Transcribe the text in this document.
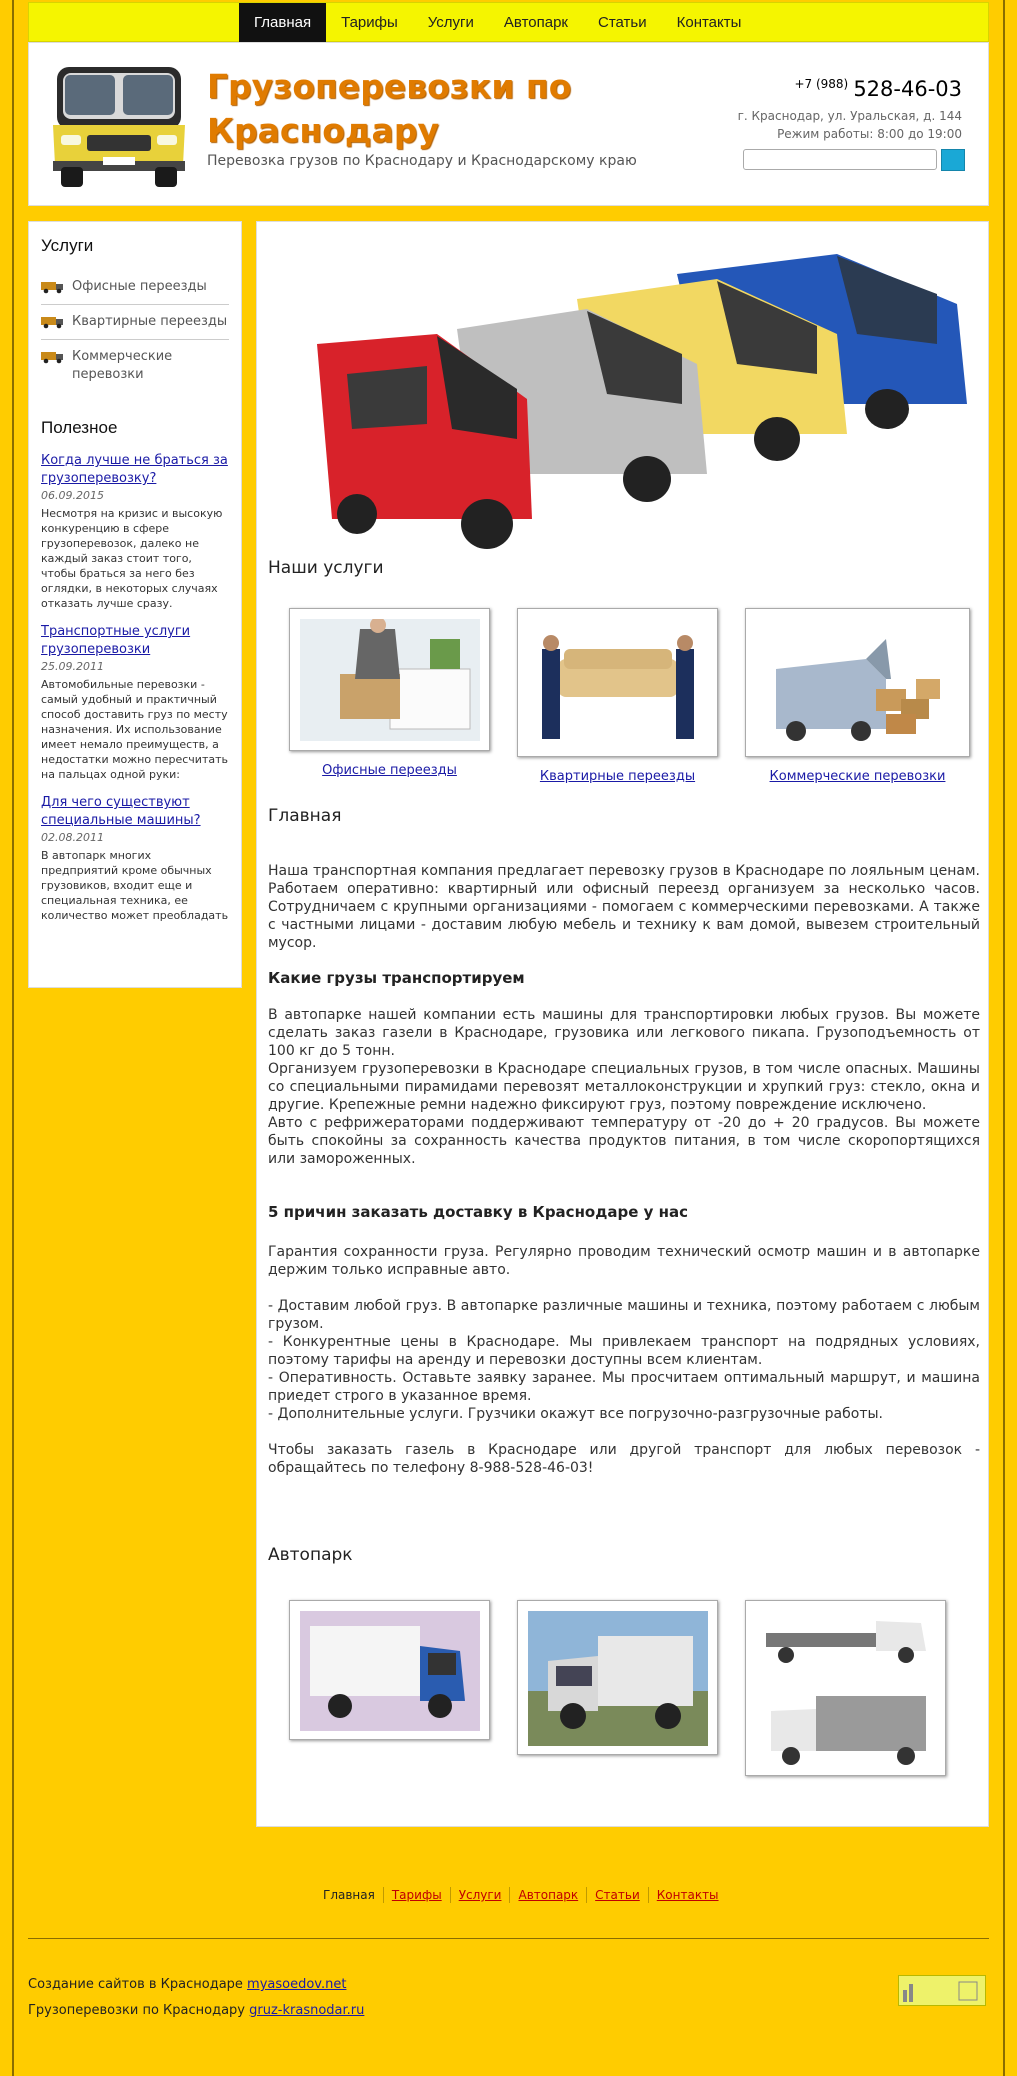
Главная	Тарифы	Услуги	Автопарк	Статьи	Контакты
Грузоперевозки по Краснодару
Перевозка грузов по Краснодару и Краснодарскому краю
$^{+7 (988)}$ 528-46-03
г. Краснодар, ул. Уральская, д. 144
Режим работы: 8:00 до 19:00
Услуги
Офисные переезды
Квартирные переезды
Коммерческие перевозки
Полезное
Когда лучше не браться за грузоперевозку?
06.09.2015
Несмотря на кризис и высокую конкуренцию в сфере грузоперевозок, далеко не каждый заказ стоит того, чтобы браться за него без оглядки, в некоторых случаях отказать лучше сразу.
Транспортные услуги грузоперевозки
25.09.2011
Автомобильные перевозки - самый удобный и практичный способ доставить груз по месту назначения. Их использование имеет немало преимуществ, а недостатки можно пересчитать на пальцах одной руки:
Для чего существуют специальные машины?
02.08.2011
В автопарк многих предприятий кроме обычных грузовиков, входит еще и специальная техника, ее количество может преобладать
Наши услуги
Офисные переезды	Квартирные переезды	Коммерческие перевозки
Главная
Наша транспортная компания предлагает перевозку грузов в Краснодаре по лояльным ценам. Работаем оперативно: квартирный или офисный переезд организуем за несколько часов. Сотрудничаем с крупными организациями - помогаем с коммерческими перевозками. А также с частными лицами - доставим любую мебель и технику к вам домой, вывезем строительный мусор.
Какие грузы транспортируем
В автопарке нашей компании есть машины для транспортировки любых грузов. Вы можете сделать заказ газели в Краснодаре, грузовика или легкового пикапа. Грузоподъемность от 100 кг до 5 тонн.
Организуем грузоперевозки в Краснодаре специальных грузов, в том числе опасных. Машины со специальными пирамидами перевозят металлоконструкции и хрупкий груз: стекло, окна и другие. Крепежные ремни надежно фиксируют груз, поэтому повреждение исключено.
Авто с рефрижераторами поддерживают температуру от -20 до + 20 градусов. Вы можете быть спокойны за сохранность качества продуктов питания, в том числе скоропортящихся или замороженных.
5 причин заказать доставку в Краснодаре у нас
Гарантия сохранности груза. Регулярно проводим технический осмотр машин и в автопарке держим только исправные авто.
- Доставим любой груз. В автопарке различные машины и техника, поэтому работаем с любым грузом.
- Конкурентные цены в Краснодаре. Мы привлекаем транспорт на подрядных условиях, поэтому тарифы на аренду и перевозки доступны всем клиентам.
- Оперативность. Оставьте заявку заранее. Мы просчитаем оптимальный маршрут, и машина приедет строго в указанное время.
- Дополнительные услуги. Грузчики окажут все погрузочно-разгрузочные работы.
Чтобы заказать газель в Краснодаре или другой транспорт для любых перевозок - обращайтесь по телефону 8-988-528-46-03!
Автопарк
Главная	Тарифы	Услуги	Автопарк	Статьи	Контакты
Создание сайтов в Краснодаре myasoedov.net
Грузоперевозки по Краснодару gruz-krasnodar.ru
